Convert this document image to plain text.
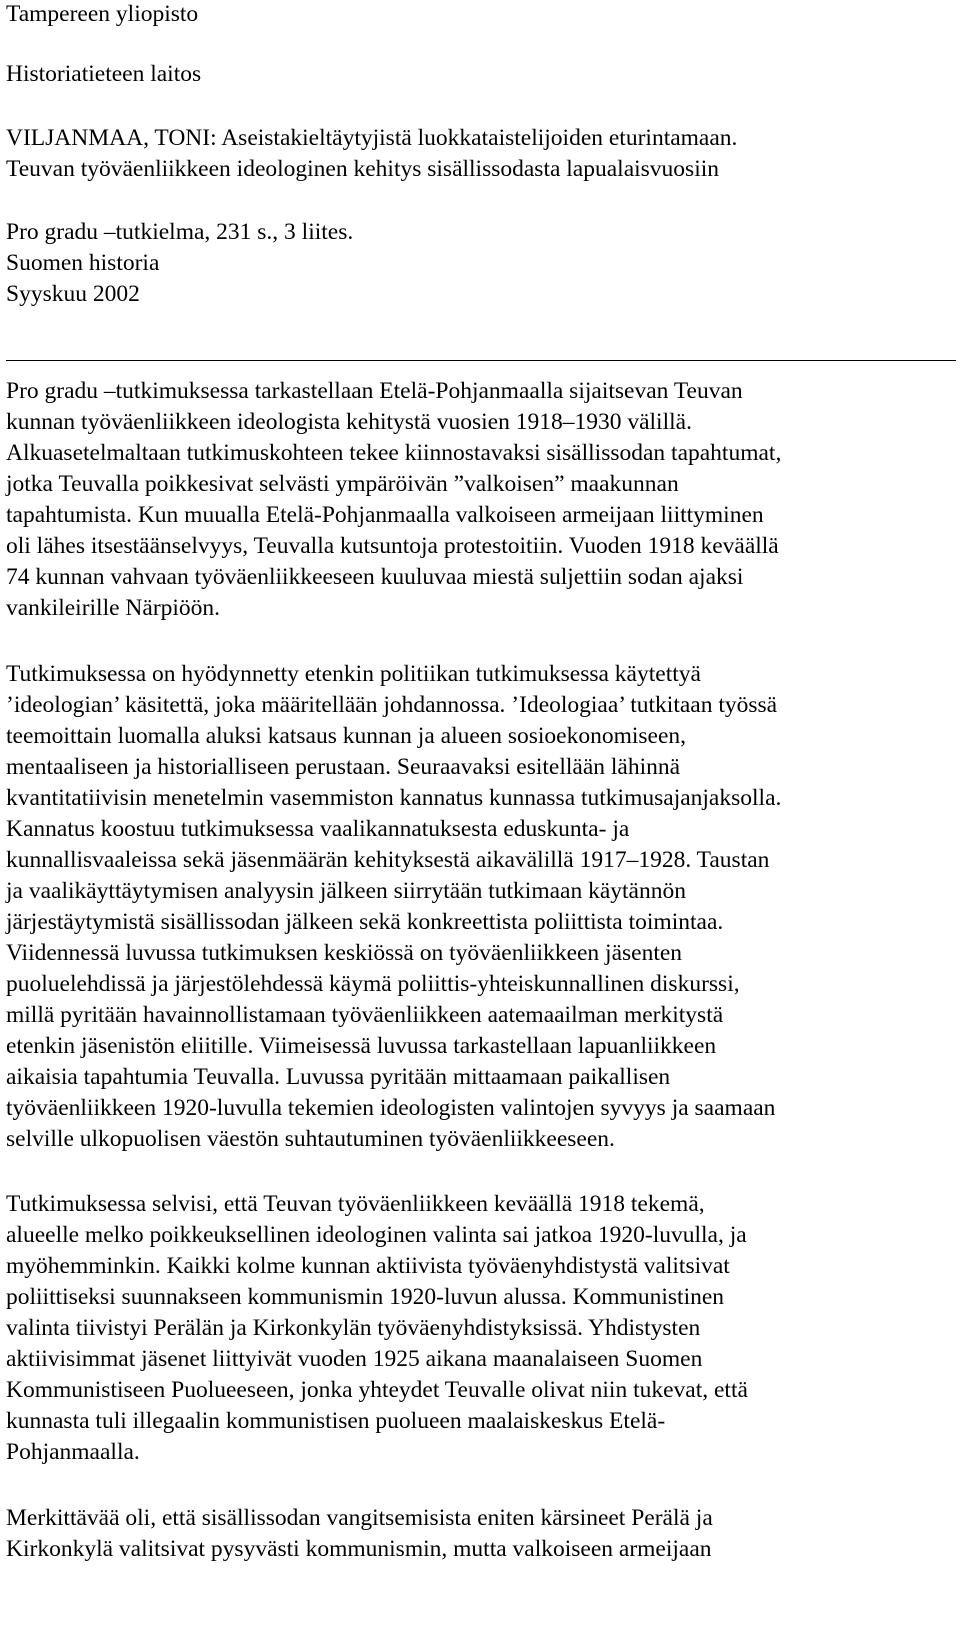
Tampereen yliopisto
Historiatieteen laitos
VILJANMAA, TONI: Aseistakieltäytyjistä luokkataistelijoiden eturintamaan.
Teuvan työväenliikkeen ideologinen kehitys sisällissodasta lapualaisvuosiin
Pro gradu –tutkielma, 231 s., 3 liites.
Suomen historia
Syyskuu 2002
Pro gradu –tutkimuksessa tarkastellaan Etelä-Pohjanmaalla sijaitsevan Teuvan
kunnan työväenliikkeen ideologista kehitystä vuosien 1918–1930 välillä.
Alkuasetelmaltaan tutkimuskohteen tekee kiinnostavaksi sisällissodan tapahtumat,
jotka Teuvalla poikkesivat selvästi ympäröivän ”valkoisen” maakunnan
tapahtumista. Kun muualla Etelä-Pohjanmaalla valkoiseen armeijaan liittyminen
oli lähes itsestäänselvyys, Teuvalla kutsuntoja protestoitiin. Vuoden 1918 keväällä
74 kunnan vahvaan työväenliikkeeseen kuuluvaa miestä suljettiin sodan ajaksi
vankileirille Närpiöön.
Tutkimuksessa on hyödynnetty etenkin politiikan tutkimuksessa käytettyä
’ideologian’ käsitettä, joka määritellään johdannossa. ’Ideologiaa’ tutkitaan työssä
teemoittain luomalla aluksi katsaus kunnan ja alueen sosioekonomiseen,
mentaaliseen ja historialliseen perustaan. Seuraavaksi esitellään lähinnä
kvantitatiivisin menetelmin vasemmiston kannatus kunnassa tutkimusajanjaksolla.
Kannatus koostuu tutkimuksessa vaalikannatuksesta eduskunta- ja
kunnallisvaaleissa sekä jäsenmäärän kehityksestä aikavälillä 1917–1928. Taustan
ja vaalikäyttäytymisen analyysin jälkeen siirrytään tutkimaan käytännön
järjestäytymistä sisällissodan jälkeen sekä konkreettista poliittista toimintaa.
Viidennessä luvussa tutkimuksen keskiössä on työväenliikkeen jäsenten
puoluelehdissä ja järjestölehdessä käymä poliittis-yhteiskunnallinen diskurssi,
millä pyritään havainnollistamaan työväenliikkeen aatemaailman merkitystä
etenkin jäsenistön eliitille. Viimeisessä luvussa tarkastellaan lapuanliikkeen
aikaisia tapahtumia Teuvalla. Luvussa pyritään mittaamaan paikallisen
työväenliikkeen 1920-luvulla tekemien ideologisten valintojen syvyys ja saamaan
selville ulkopuolisen väestön suhtautuminen työväenliikkeeseen.
Tutkimuksessa selvisi, että Teuvan työväenliikkeen keväällä 1918 tekemä,
alueelle melko poikkeuksellinen ideologinen valinta sai jatkoa 1920-luvulla, ja
myöhemminkin. Kaikki kolme kunnan aktiivista työväenyhdistystä valitsivat
poliittiseksi suunnakseen kommunismin 1920-luvun alussa. Kommunistinen
valinta tiivistyi Perälän ja Kirkonkylän työväenyhdistyksissä. Yhdistysten
aktiivisimmat jäsenet liittyivät vuoden 1925 aikana maanalaiseen Suomen
Kommunistiseen Puolueeseen, jonka yhteydet Teuvalle olivat niin tukevat, että
kunnasta tuli illegaalin kommunistisen puolueen maalaiskeskus Etelä-
Pohjanmaalla.
Merkittävää oli, että sisällissodan vangitsemisista eniten kärsineet Perälä ja
Kirkonkylä valitsivat pysyvästi kommunismin, mutta valkoiseen armeijaan
